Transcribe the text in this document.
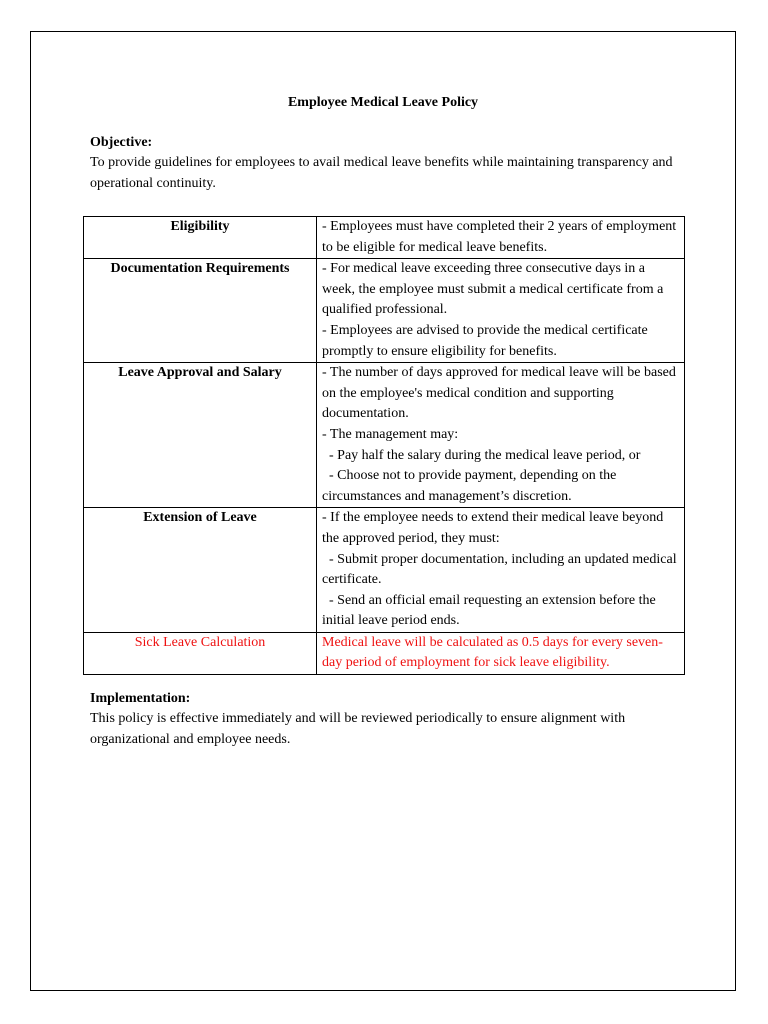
Employee Medical Leave Policy
Objective:
To provide guidelines for employees to avail medical leave benefits while maintaining transparency and operational continuity.
Eligibility	- Employees must have completed their 2 years of employment to be eligible for medical leave benefits.

Documentation Requirements	- For medical leave exceeding three consecutive days in a week, the employee must submit a medical certificate from a qualified professional.
- Employees are advised to provide the medical certificate promptly to ensure eligibility for benefits.

Leave Approval and Salary	- The number of days approved for medical leave will be based on the employee's medical condition and supporting documentation.
- The management may:
- Pay half the salary during the medical leave period, or
- Choose not to provide payment, depending on the circumstances and management’s discretion.

Extension of Leave	- If the employee needs to extend their medical leave beyond the approved period, they must:
- Submit proper documentation, including an updated medical certificate.
- Send an official email requesting an extension before the initial leave period ends.

Sick Leave Calculation	Medical leave will be calculated as 0.5 days for every seven-day period of employment for sick leave eligibility.
Implementation:
This policy is effective immediately and will be reviewed periodically to ensure alignment with organizational and employee needs.
